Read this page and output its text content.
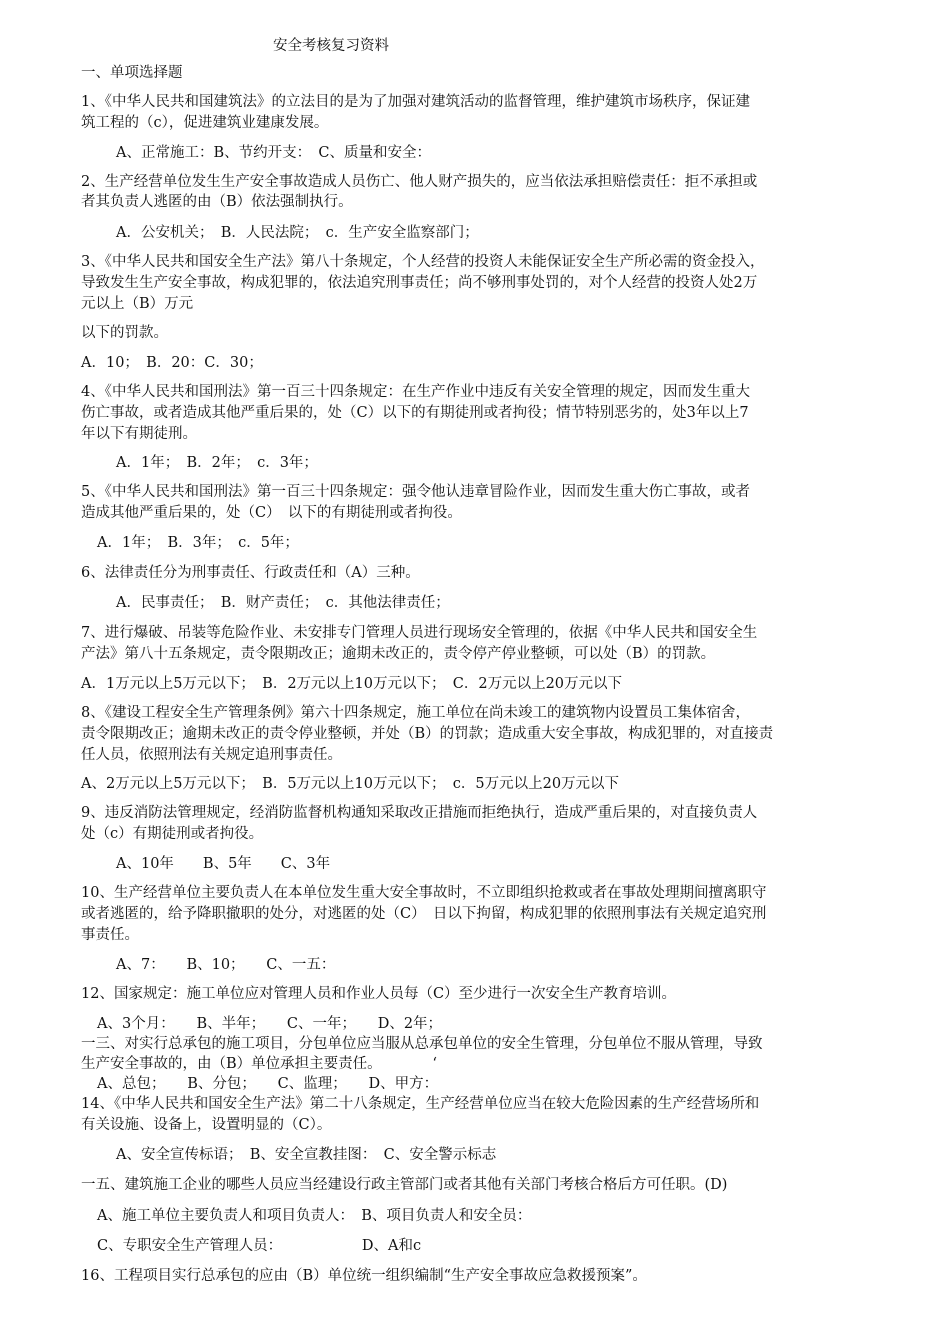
安全考核复习资料

一、单项选择题

1、《中华人民共和国建筑法》的立法目的是为了加强对建筑活动的监督管理，维护建筑市场秩序，保证建

筑工程的（c），促进建筑业建康发展。

A、正常施工：B、节约开支：　C、质量和安全：

2、生产经营单位发生生产安全事故造成人员伤亡、他人财产损失的，应当依法承担赔偿责任：拒不承担或

者其负责人逃匿的由（B）依法强制执行。

A．公安机关；　B．人民法院；　c．生产安全监察部门；

3、《中华人民共和国安全生产法》第八十条规定，个人经营的投资人未能保证安全生产所必需的资金投入，

导致发生生产安全事故，构成犯罪的，依法追究刑事责任；尚不够刑事处罚的，对个人经营的投资人处2万

元以上（B）万元

以下的罚款。

A．10；　B．20：C．30；

4、《中华人民共和国刑法》第一百三十四条规定：在生产作业中违反有关安全管理的规定，因而发生重大

伤亡事故，或者造成其他严重后果的，处（C）以下的有期徒刑或者拘役；情节特别恶劣的，处3年以上7

年以下有期徒刑。

A．1年；　B．2年；　c．3年；

5、《中华人民共和国刑法》第一百三十四条规定：强令他认违章冒险作业，因而发生重大伤亡事故，或者

造成其他严重后果的，处（C）　以下的有期徒刑或者拘役。

A．1年；　B．3年；　c．5年；

6、法律责任分为刑事责任、行政责任和（A）三种。

A．民事责任；　B．财产责任；　c．其他法律责任；

7、进行爆破、吊装等危险作业、未安排专门管理人员进行现场安全管理的，依据《中华人民共和国安全生

产法》第八十五条规定，责令限期改正；逾期未改正的，责令停产停业整顿，可以处（B）的罚款。

A．1万元以上5万元以下；　B．2万元以上10万元以下；　C．2万元以上20万元以下

8、《建设工程安全生产管理条例》第六十四条规定，施工单位在尚未竣工的建筑物内设置员工集体宿舍，

责令限期改正；逾期未改正的责令停业整顿，并处（B）的罚款；造成重大安全事故，构成犯罪的，对直接责

任人员，依照刑法有关规定追刑事责任。

A、2万元以上5万元以下；　B．5万元以上10万元以下；　c．5万元以上20万元以下

9、违反消防法管理规定，经消防监督机构通知采取改正措施而拒绝执行，造成严重后果的，对直接负责人

处（c）有期徒刑或者拘役。

A、10年　　B、5年　　C、3年

10、生产经营单位主要负责人在本单位发生重大安全事故时，不立即组织抢救或者在事故处理期间擅离职守

或者逃匿的，给予降职撤职的处分，对逃匿的处（C）　日以下拘留，构成犯罪的依照刑事法有关规定追究刑

事责任。

A、7：　　B、10；　　C、一五：

12、国家规定：施工单位应对管理人员和作业人员每（C）至少进行一次安全生产教育培训。

A、3个月：　　B、半年；　　C、一年；　　D、2年；

一三、对实行总承包的施工项目，分包单位应当服从总承包单位的安全生管理，分包单位不服从管理，导致

生产安全事故的，由（B）单位承担主要责任。　　　　‘

A、总包；　　B、分包；　　C、监理；　　D、甲方：

14、《中华人民共和国安全生产法》第二十八条规定，生产经营单位应当在较大危险因素的生产经营场所和

有关设施、设备上，设置明显的（C）。

A、安全宣传标语；　B、安全宣教挂图：　C、安全警示标志

一五、建筑施工企业的哪些人员应当经建设行政主管部门或者其他有关部门考核合格后方可任职。(D)

A、施工单位主要负责人和项目负责人：　B、项目负责人和安全员：

C、专职安全生产管理人员：　　　　　　D、A和c

16、工程项目实行总承包的应由（B）单位统一组织编制“生产安全事故应急救援预案”。
